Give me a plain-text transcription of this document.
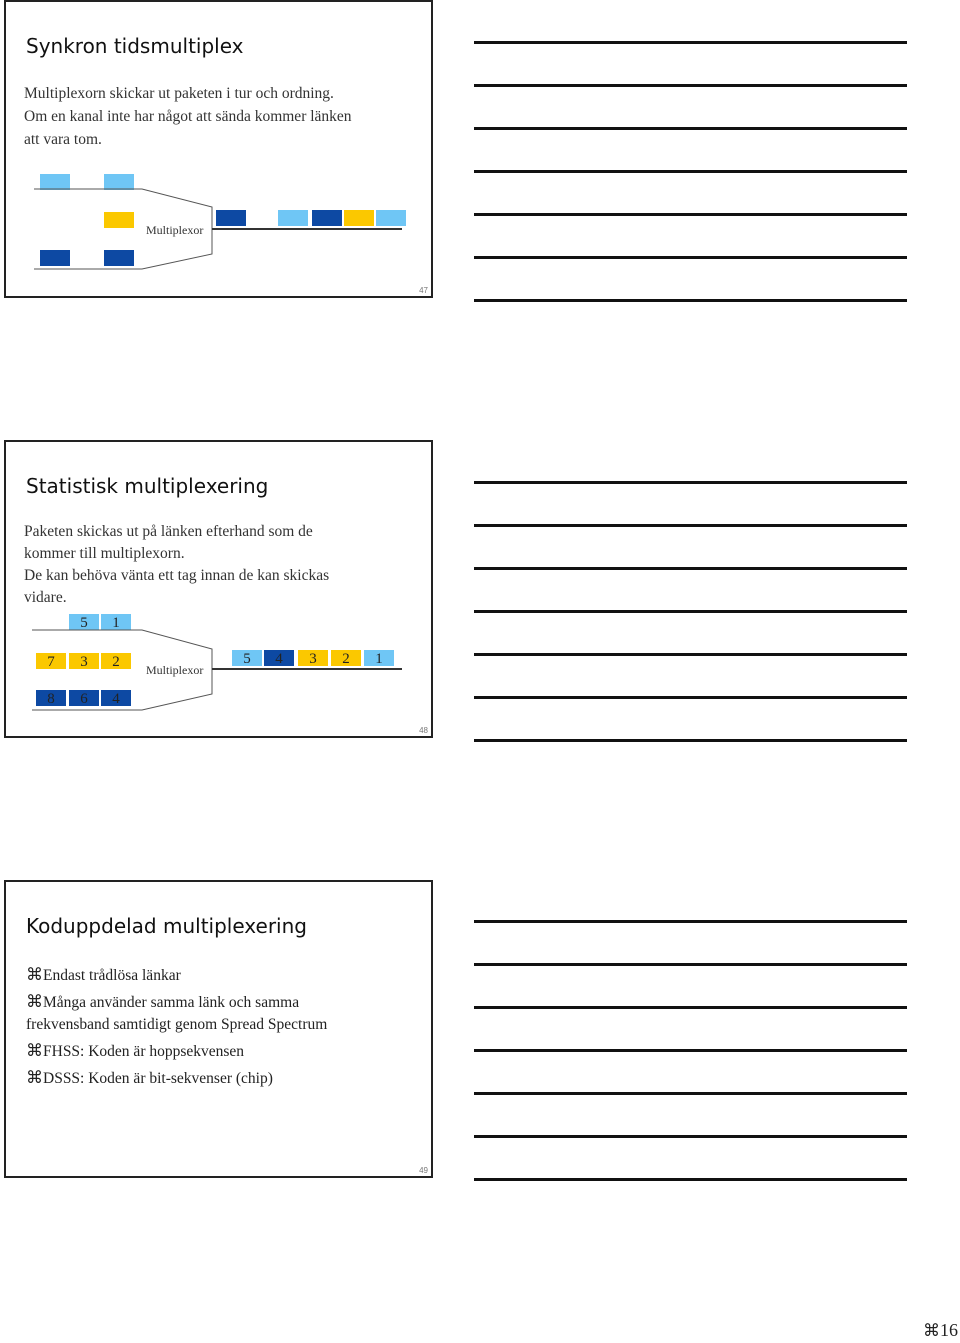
Synkron tidsmultiplex
Multiplexorn skickar ut paketen i tur och ordning.
Om en kanal inte har något att sända kommer länken
att vara tom.
Multiplexor
47
Statistisk multiplexering
Paketen skickas ut på länken efterhand som de
kommer till multiplexorn.
De kan behöva vänta ett tag innan de kan skickas
vidare.
5	1
7	3	2
8	6	4
Multiplexor
5	4	3	2	1
48
Koduppdelad multiplexering
⌘Endast trådlösa länkar
⌘Många använder samma länk och samma
frekvensband samtidigt genom Spread Spectrum
⌘FHSS: Koden är hoppsekvensen
⌘DSSS: Koden är bit-sekvenser (chip)
49
⌘16
